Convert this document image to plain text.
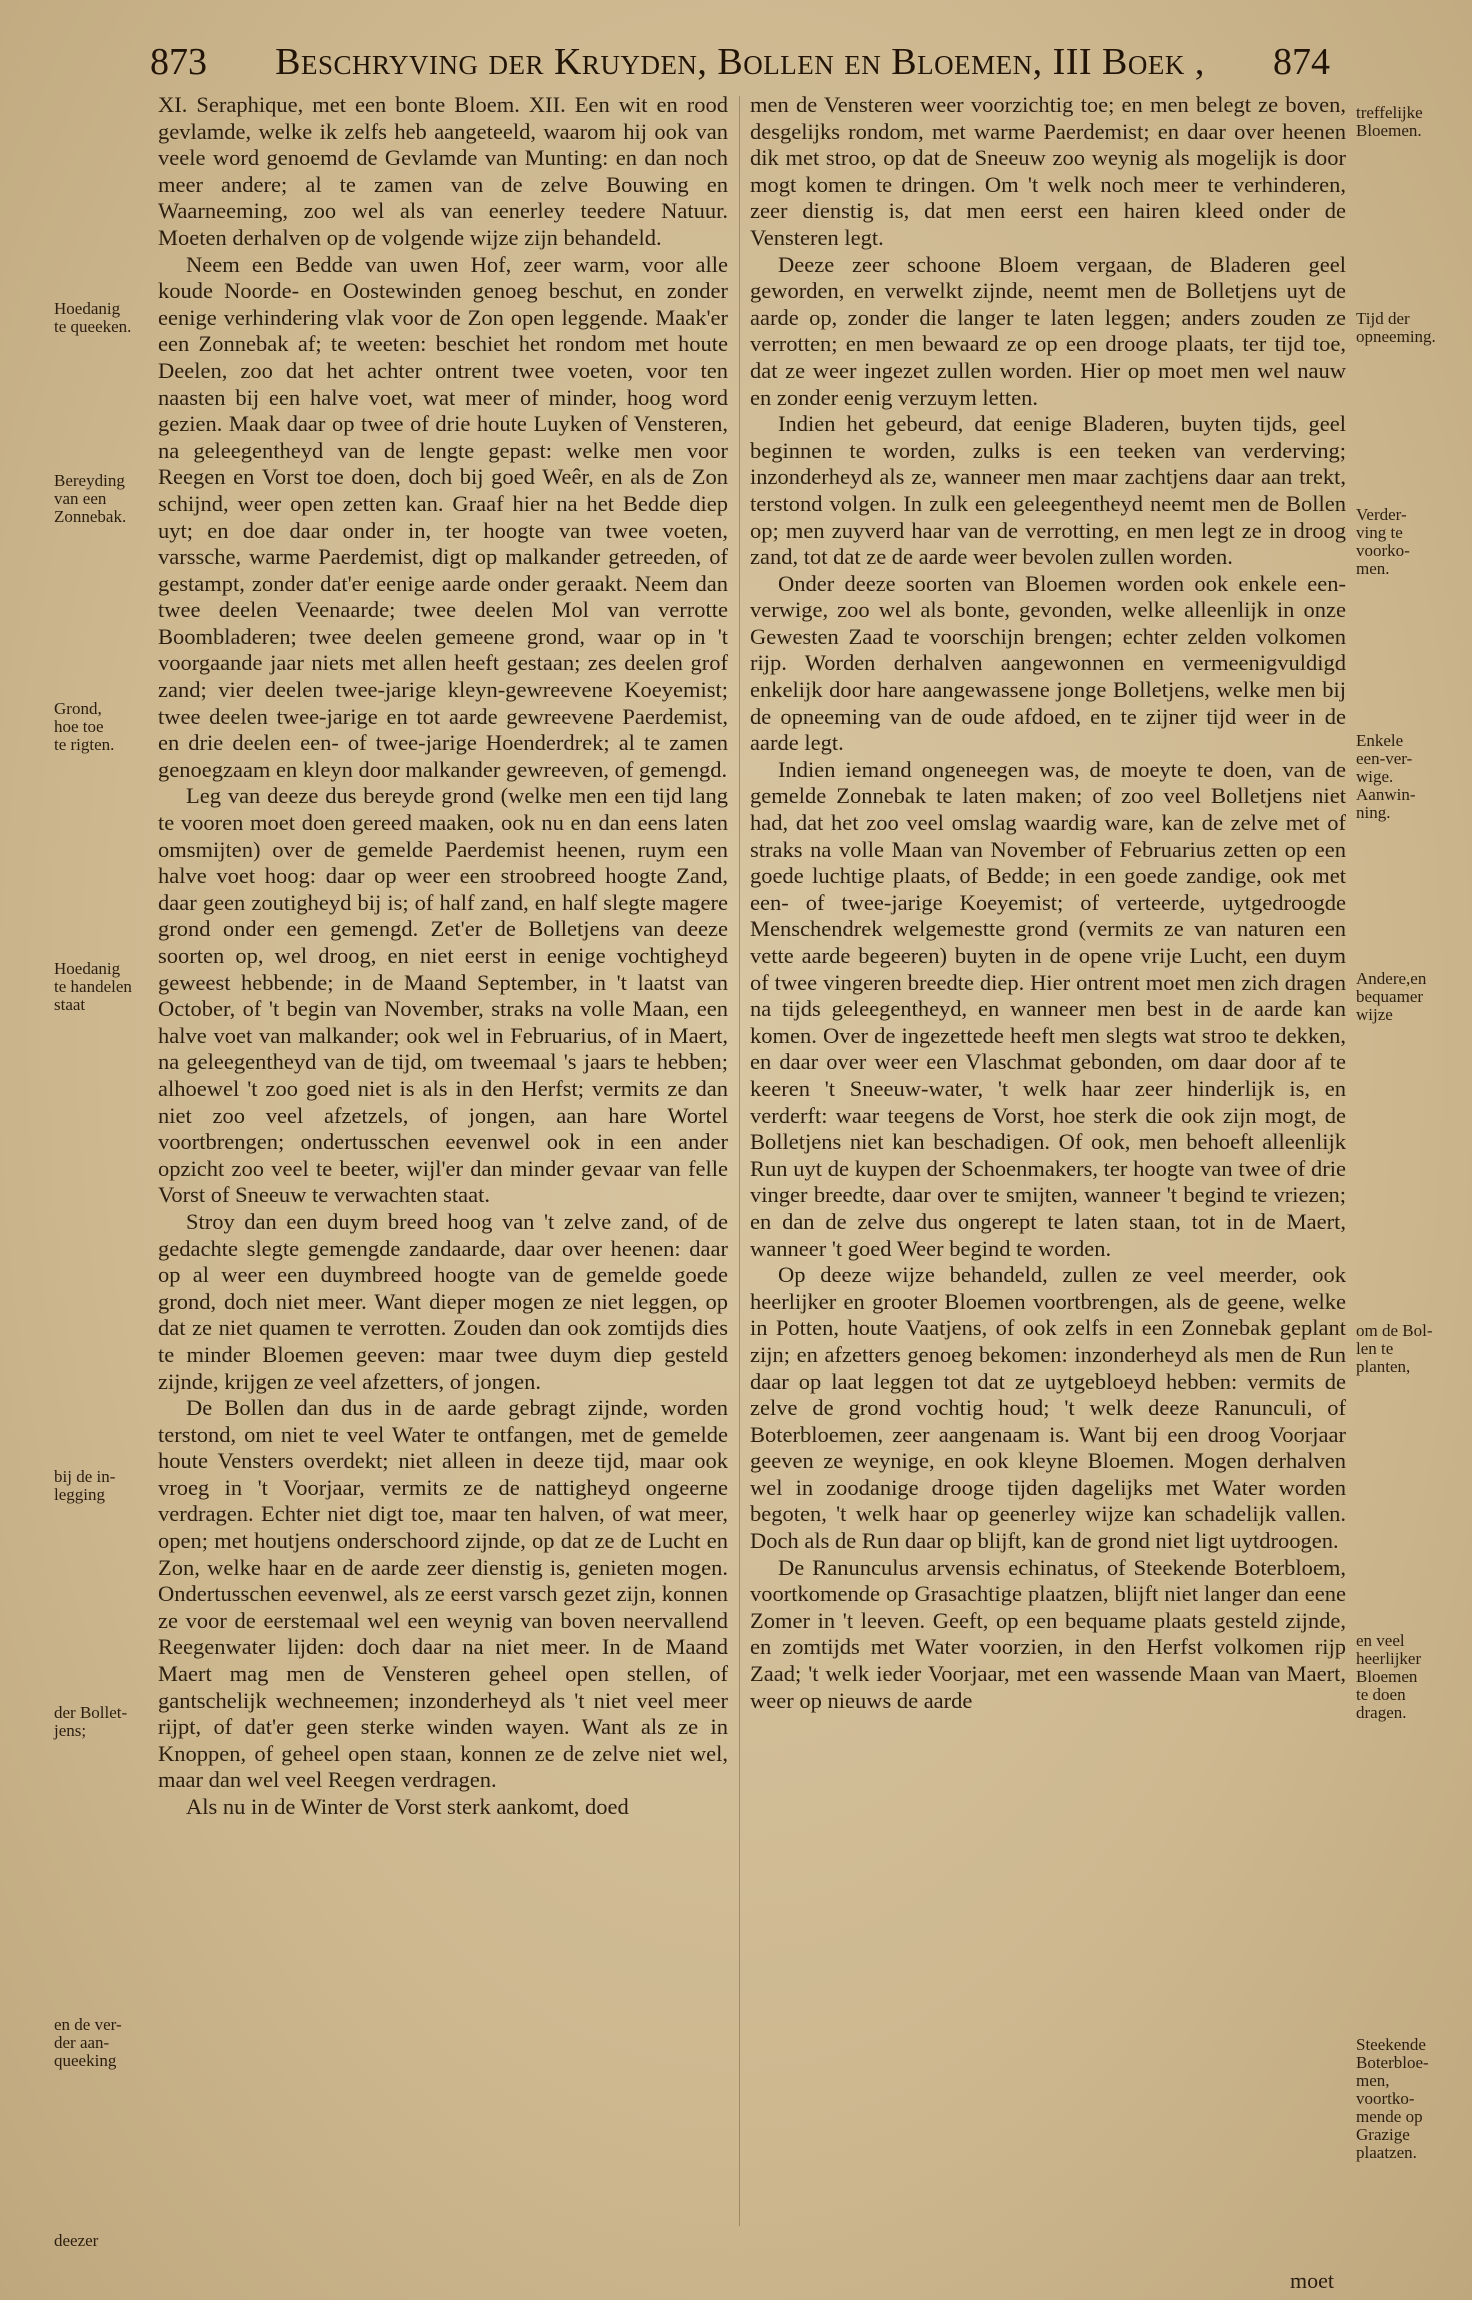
873 Beschryving der Kruyden, Bollen en Bloemen, III Boek , 874

XI. Seraphique, met een bonte Bloem. XII. Een wit en rood gevlamde, welke ik zelfs heb aangeteeld, waarom hij ook van veele word genoemd de Gevlamde van Munting: en dan noch meer andere; al te zamen van de zelve Bouwing en Waarneeming, zoo wel als van eenerley teedere Natuur. Moeten derhalven op de volgende wijze zijn behandeld.

Neem een Bedde van uwen Hof, zeer warm, voor alle koude Noorde- en Oostewinden genoeg beschut, en zonder eenige verhindering vlak voor de Zon open leggende. Maak'er een Zonnebak af; te weeten: beschiet het rondom met houte Deelen, zoo dat het achter ontrent twee voeten, voor ten naasten bij een halve voet, wat meer of minder, hoog word gezien. Maak daar op twee of drie houte Luyken of Vensteren, na geleegentheyd van de lengte gepast: welke men voor Reegen en Vorst toe doen, doch bij goed Weêr, en als de Zon schijnd, weer open zetten kan. Graaf hier na het Bedde diep uyt; en doe daar onder in, ter hoogte van twee voeten, varssche, warme Paerdemist, digt op malkander getreeden, of gestampt, zonder dat'er eenige aarde onder geraakt. Neem dan twee deelen Veenaarde; twee deelen Mol van verrotte Boombladeren; twee deelen gemeene grond, waar op in 't voorgaande jaar niets met allen heeft gestaan; zes deelen grof zand; vier deelen twee-jarige kleyn-gewreevene Koeyemist; twee deelen twee-jarige en tot aarde gewreevene Paerdemist, en drie deelen een- of twee-jarige Hoenderdrek; al te zamen genoegzaam en kleyn door malkander gewreeven, of gemengd.

Leg van deeze dus bereyde grond (welke men een tijd lang te vooren moet doen gereed maaken, ook nu en dan eens laten omsmijten) over de gemelde Paerdemist heenen, ruym een halve voet hoog: daar op weer een stroobreed hoogte Zand, daar geen zoutigheyd bij is; of half zand, en half slegte magere grond onder een gemengd. Zet'er de Bolletjens van deeze soorten op, wel droog, en niet eerst in eenige vochtigheyd geweest hebbende; in de Maand September, in 't laatst van October, of 't begin van November, straks na volle Maan, een halve voet van malkander; ook wel in Februarius, of in Maert, na geleegentheyd van de tijd, om tweemaal 's jaars te hebben; alhoewel 't zoo goed niet is als in den Herfst; vermits ze dan niet zoo veel afzetzels, of jongen, aan hare Wortel voortbrengen; ondertusschen eevenwel ook in een ander opzicht zoo veel te beeter, wijl'er dan minder gevaar van felle Vorst of Sneeuw te verwachten staat.

Stroy dan een duym breed hoog van 't zelve zand, of de gedachte slegte gemengde zandaarde, daar over heenen: daar op al weer een duymbreed hoogte van de gemelde goede grond, doch niet meer. Want dieper mogen ze niet leggen, op dat ze niet quamen te verrotten. Zouden dan ook zomtijds dies te minder Bloemen geeven: maar twee duym diep gesteld zijnde, krijgen ze veel afzetters, of jongen.

De Bollen dan dus in de aarde gebragt zijnde, worden terstond, om niet te veel Water te ontfangen, met de gemelde houte Vensters overdekt; niet alleen in deeze tijd, maar ook vroeg in 't Voorjaar, vermits ze de nattigheyd ongeerne verdragen. Echter niet digt toe, maar ten halven, of wat meer, open; met houtjens onderschoord zijnde, op dat ze de Lucht en Zon, welke haar en de aarde zeer dienstig is, genieten mogen. Ondertusschen eevenwel, als ze eerst varsch gezet zijn, konnen ze voor de eerstemaal wel een weynig van boven neervallend Reegenwater lijden: doch daar na niet meer. In de Maand Maert mag men de Vensteren geheel open stellen, of gantschelijk wechneemen; inzonderheyd als 't niet veel meer rijpt, of dat'er geen sterke winden wayen. Want als ze in Knoppen, of geheel open staan, konnen ze de zelve niet wel, maar dan wel veel Reegen verdragen.

Als nu in de Winter de Vorst sterk aankomt, doed

men de Vensteren weer voorzichtig toe; en men belegt ze boven, desgelijks rondom, met warme Paerdemist; en daar over heenen dik met stroo, op dat de Sneeuw zoo weynig als mogelijk is door mogt komen te dringen. Om 't welk noch meer te verhinderen, zeer dienstig is, dat men eerst een hairen kleed onder de Vensteren legt.

Deeze zeer schoone Bloem vergaan, de Bladeren geel geworden, en verwelkt zijnde, neemt men de Bolletjens uyt de aarde op, zonder die langer te laten leggen; anders zouden ze verrotten; en men bewaard ze op een drooge plaats, ter tijd toe, dat ze weer ingezet zullen worden. Hier op moet men wel nauw en zonder eenig verzuym letten.

Indien het gebeurd, dat eenige Bladeren, buyten tijds, geel beginnen te worden, zulks is een teeken van verderving; inzonderheyd als ze, wanneer men maar zachtjens daar aan trekt, terstond volgen. In zulk een geleegentheyd neemt men de Bollen op; men zuyverd haar van de verrotting, en men legt ze in droog zand, tot dat ze de aarde weer bevolen zullen worden.

Onder deeze soorten van Bloemen worden ook enkele een-verwige, zoo wel als bonte, gevonden, welke alleenlijk in onze Gewesten Zaad te voorschijn brengen; echter zelden volkomen rijp. Worden derhalven aangewonnen en vermeenigvuldigd enkelijk door hare aangewassene jonge Bolletjens, welke men bij de opneeming van de oude afdoed, en te zijner tijd weer in de aarde legt.

Indien iemand ongeneegen was, de moeyte te doen, van de gemelde Zonnebak te laten maken; of zoo veel Bolletjens niet had, dat het zoo veel omslag waardig ware, kan de zelve met of straks na volle Maan van November of Februarius zetten op een goede luchtige plaats, of Bedde; in een goede zandige, ook met een- of twee-jarige Koeyemist; of verteerde, uytgedroogde Menschendrek welgemestte grond (vermits ze van naturen een vette aarde begeeren) buyten in de opene vrije Lucht, een duym of twee vingeren breedte diep. Hier ontrent moet men zich dragen na tijds geleegentheyd, en wanneer men best in de aarde kan komen. Over de ingezettede heeft men slegts wat stroo te dekken, en daar over weer een Vlaschmat gebonden, om daar door af te keeren 't Sneeuw-water, 't welk haar zeer hinderlijk is, en verderft: waar teegens de Vorst, hoe sterk die ook zijn mogt, de Bolletjens niet kan beschadigen. Of ook, men behoeft alleenlijk Run uyt de kuypen der Schoenmakers, ter hoogte van twee of drie vinger breedte, daar over te smijten, wanneer 't begind te vriezen; en dan de zelve dus ongerept te laten staan, tot in de Maert, wanneer 't goed Weer begind te worden.

Op deeze wijze behandeld, zullen ze veel meerder, ook heerlijker en grooter Bloemen voortbrengen, als de geene, welke in Potten, houte Vaatjens, of ook zelfs in een Zonnebak geplant zijn; en afzetters genoeg bekomen: inzonderheyd als men de Run daar op laat leggen tot dat ze uytgebloeyd hebben: vermits de zelve de grond vochtig houd; 't welk deeze Ranunculi, of Boterbloemen, zeer aangenaam is. Want bij een droog Voorjaar geeven ze weynige, en ook kleyne Bloemen. Mogen derhalven wel in zoodanige drooge tijden dagelijks met Water worden begoten, 't welk haar op geenerley wijze kan schadelijk vallen. Doch als de Run daar op blijft, kan de grond niet ligt uytdroogen.

De Ranunculus arvensis echinatus, of Steekende Boterbloem, voortkomende op Grasachtige plaatzen, blijft niet langer dan eene Zomer in 't leeven. Geeft, op een bequame plaats gesteld zijnde, en zomtijds met Water voorzien, in den Herfst volkomen rijp Zaad; 't welk ieder Voorjaar, met een wassende Maan van Maert, weer op nieuws de aarde

Hoedanig
te queeken.
Bereyding
van een
Zonnebak.
Grond,
hoe toe
te rigten.
Hoedanig
te handelen staat
bij de in-
legging
der Bollet-
jens;
en de ver-
der aan-
queeking
deezer
treffelijke
Bloemen.
Tijd der
opneeming.
Verder-
ving te
voorko-
men.
Enkele
een-ver-
wige.
Aanwin-
ning.
Andere,en
bequamer
wijze
om de Bol-
len te
planten,
en veel
heerlijker
Bloemen
te doen
dragen.
Steekende
Boterbloe-
men,
voortko-
mende op
Grazige
plaatzen.
moet
